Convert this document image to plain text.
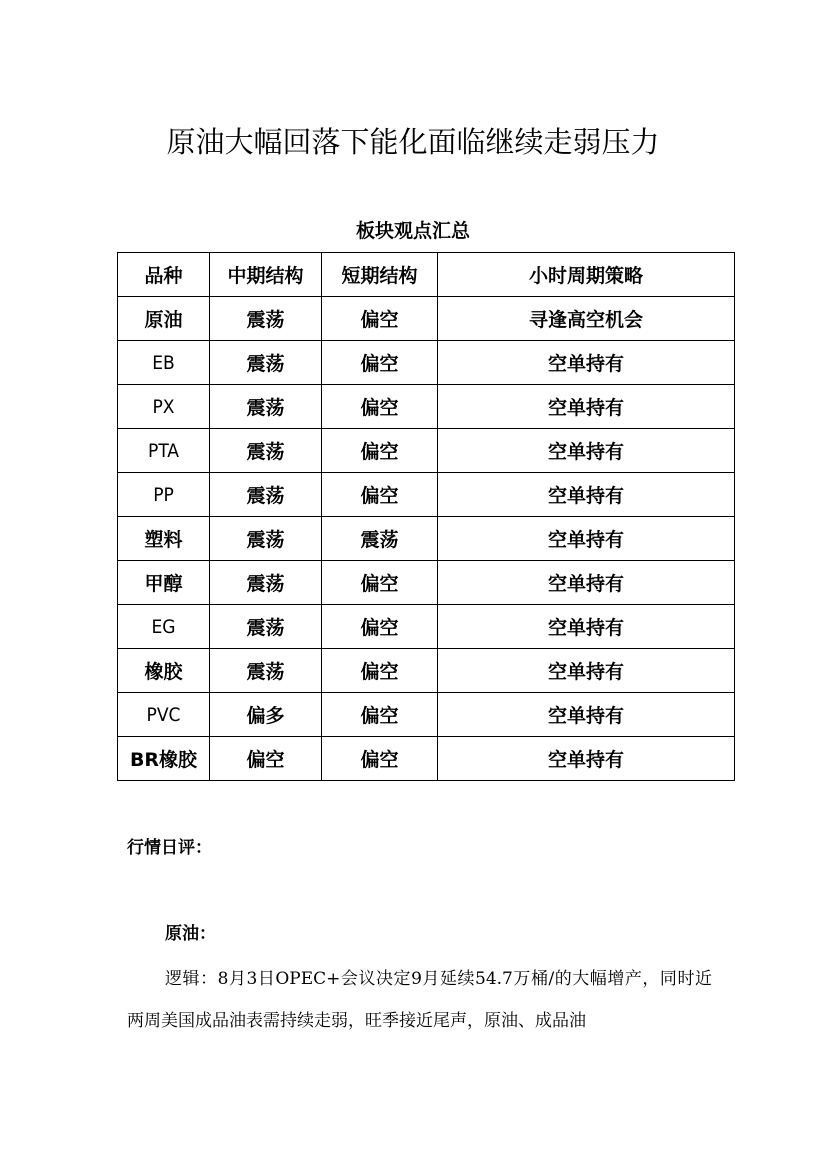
原油大幅回落下能化面临继续走弱压力
板块观点汇总
品种	中期结构	短期结构	小时周期策略
原油	震荡	偏空	寻逢高空机会
EB	震荡	偏空	空单持有
PX	震荡	偏空	空单持有
PTA	震荡	偏空	空单持有
PP	震荡	偏空	空单持有
塑料	震荡	震荡	空单持有
甲醇	震荡	偏空	空单持有
EG	震荡	偏空	空单持有
橡胶	震荡	偏空	空单持有
PVC	偏多	偏空	空单持有
BR橡胶	偏空	偏空	空单持有

行情日评：

原油：

逻辑：8月3日OPEC+会议决定9月延续54.7万桶/的大幅增产，同时近两周美国成品油表需持续走弱，旺季接近尾声，原油、成品油
